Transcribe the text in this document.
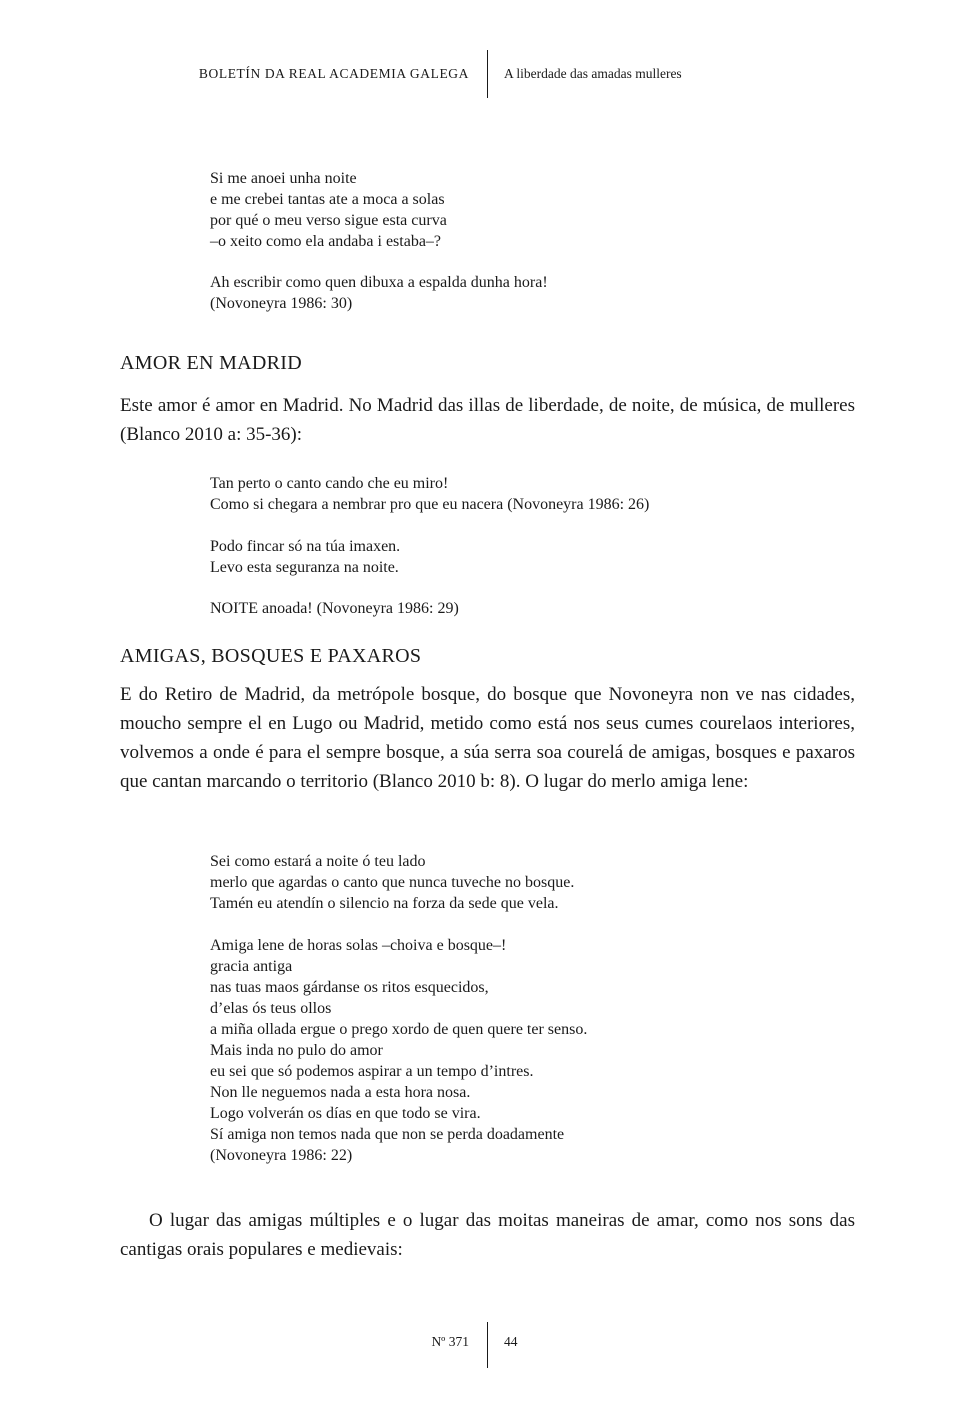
BOLETÍN DA REAL ACADEMIA GALEGA	A liberdade das amadas mulleres
Si me anoei unha noite
e me crebei tantas ate a moca a solas
por qué o meu verso sigue esta curva
–o xeito como ela andaba i estaba–?
Ah escribir como quen dibuxa a espalda dunha hora!
(Novoneyra 1986: 30)
AMOR EN MADRID
Este amor é amor en Madrid. No Madrid das illas de liberdade, de noite, de música, de mulleres (Blanco 2010 a: 35-36):
Tan perto o canto cando che eu miro!
Como si chegara a nembrar pro que eu nacera (Novoneyra 1986: 26)
Podo fincar só na túa imaxen.
Levo esta seguranza na noite.
NOITE anoada! (Novoneyra 1986: 29)
AMIGAS, BOSQUES E PAXAROS
E do Retiro de Madrid, da metrópole bosque, do bosque que Novoneyra non ve nas cidades, moucho sempre el en Lugo ou Madrid, metido como está nos seus cumes courelaos interiores, volvemos a onde é para el sempre bosque, a súa serra soa courelá de amigas, bosques e paxaros que cantan marcando o territorio (Blanco 2010 b: 8). O lugar do merlo amiga lene:
Sei como estará a noite ó teu lado
merlo que agardas o canto que nunca tuveche no bosque.
Tamén eu atendín o silencio na forza da sede que vela.
Amiga lene de horas solas –choiva e bosque–!
gracia antiga
nas tuas maos gárdanse os ritos esquecidos,
d’elas ós teus ollos
a miña ollada ergue o prego xordo de quen quere ter senso.
Mais inda no pulo do amor
eu sei que só podemos aspirar a un tempo d’intres.
Non lle neguemos nada a esta hora nosa.
Logo volverán os días en que todo se vira.
Sí amiga non temos nada que non se perda doadamente
(Novoneyra 1986: 22)
O lugar das amigas múltiples e o lugar das moitas maneiras de amar, como nos sons das cantigas orais populares e medievais:
Nº 371	44
